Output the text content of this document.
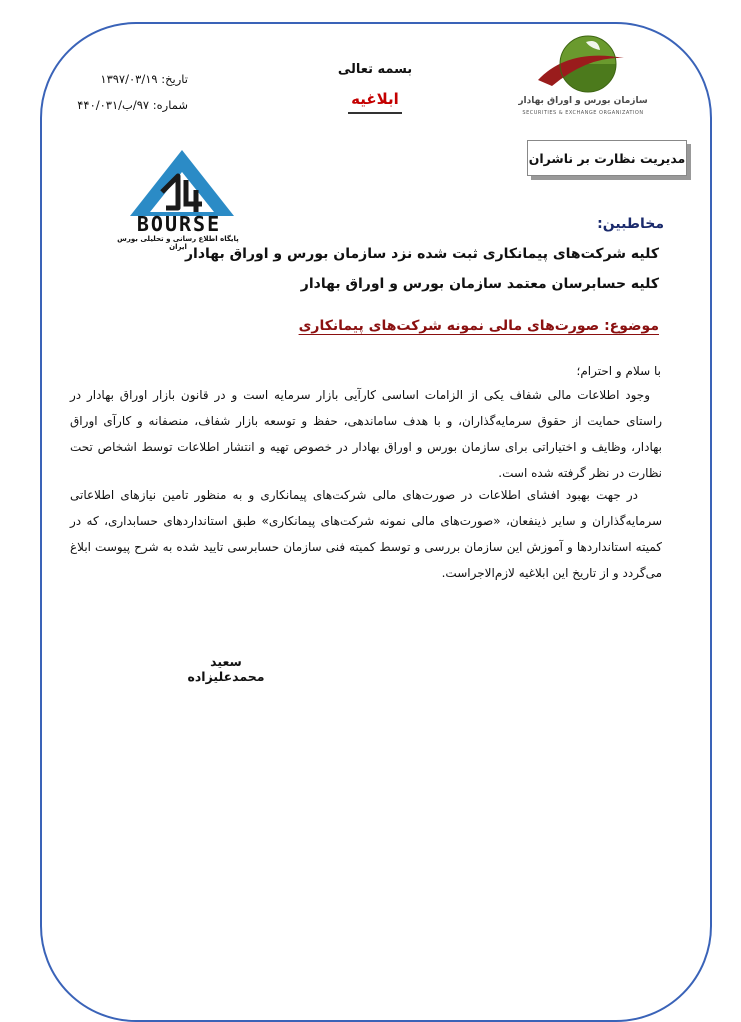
تاریخ: ۱۳۹۷/۰۳/۱۹
شماره: ۹۷/ب/۴۴۰/۰۳۱
بسمه تعالی
ابلاغیه	سازمان بورس و اوراق بهادار
SECURITIES & EXCHANGE ORGANIZATION
مدیریت نظارت بر ناشران
BOURSE
پایگاه اطلاع رسانی و تحلیلی بورس ایران
مخاطبین:
کلیه شرکت‌های پیمانکاری ثبت شده نزد سازمان بورس و اوراق بهادار
کلیه حسابرسان معتمد سازمان بورس و اوراق بهادار
موضوع: صورت‌های مالی نمونه شرکت‌های پیمانکاری
با سلام و احترام؛
وجود اطلاعات مالی شفاف یکی از الزامات اساسی کارآیی بازار سرمایه است و در قانون بازار اوراق بهادار در راستای حمایت از حقوق سرمایه‌گذاران، و با هدف ساماندهی، حفظ و توسعه بازار شفاف، منصفانه و کارآی اوراق بهادار، وظایف و اختیاراتی برای سازمان بورس و اوراق بهادار در خصوص تهیه و انتشار اطلاعات توسط اشخاص تحت نظارت در نظر گرفته شده است.
در جهت بهبود افشای اطلاعات در صورت‌های مالی شرکت‌های پیمانکاری و به منظور تامین نیازهای اطلاعاتی سرمایه‌گذاران و سایر ذینفعان، «صورت‌های مالی نمونه شرکت‌های پیمانکاری» طبق استانداردهای حسابداری، که در کمیته استانداردها و آموزش این سازمان بررسی و توسط کمیته فنی سازمان حسابرسی تایید شده به شرح پیوست ابلاغ می‌گردد و از تاریخ این ابلاغیه لازم‌الاجراست.
سعید محمدعلیزاده
